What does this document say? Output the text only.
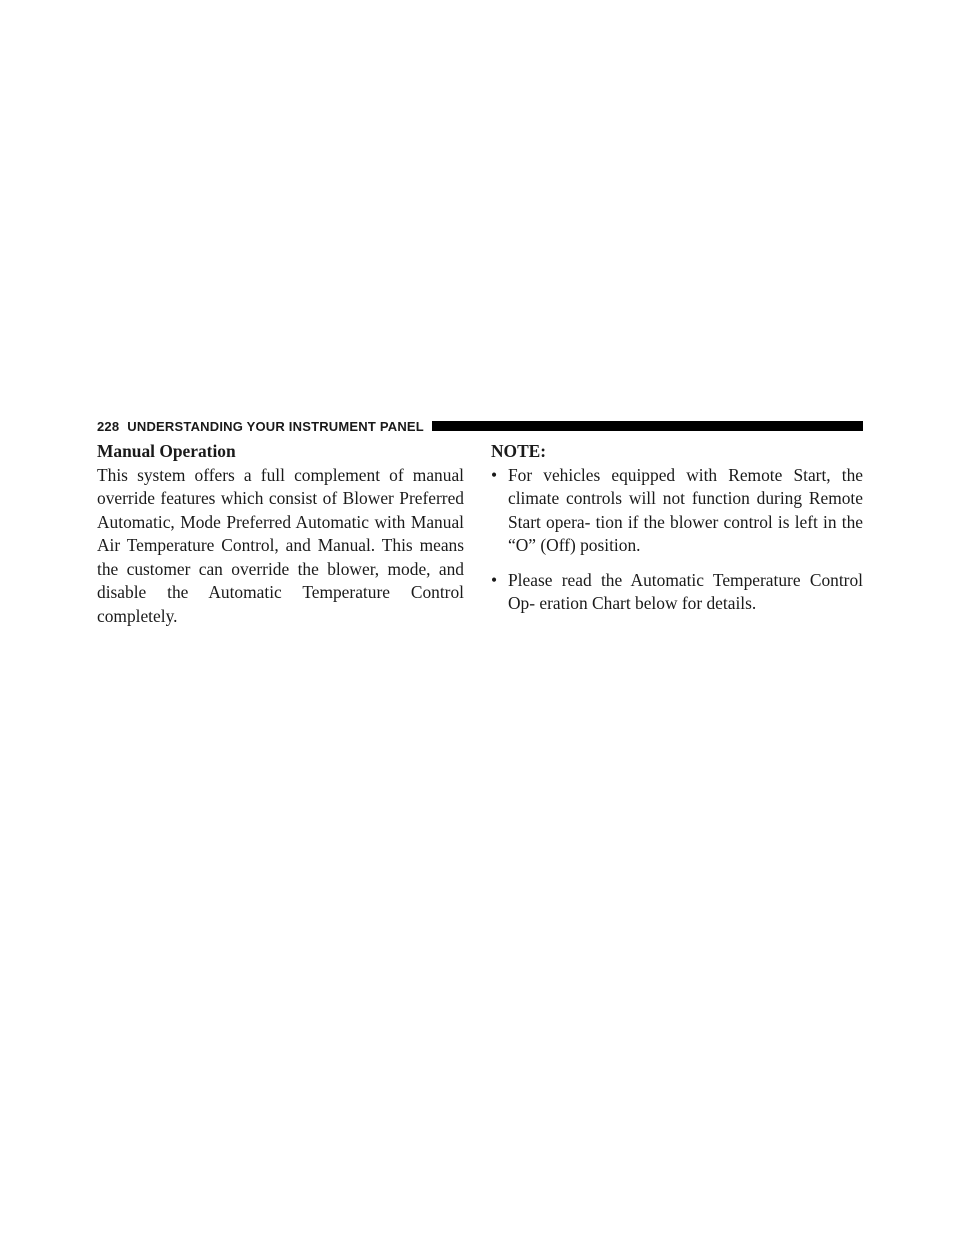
228 UNDERSTANDING YOUR INSTRUMENT PANEL

Manual Operation

This system offers a full complement of manual override features which consist of Blower Preferred Automatic, Mode Preferred Automatic with Manual Air Temperature Control, and Manual. This means the customer can override the blower, mode, and disable the Automatic Temperature Control completely.

NOTE:

• For vehicles equipped with Remote Start, the climate controls will not function during Remote Start opera- tion if the blower control is left in the “O” (Off) position.
• Please read the Automatic Temperature Control Op- eration Chart below for details.
